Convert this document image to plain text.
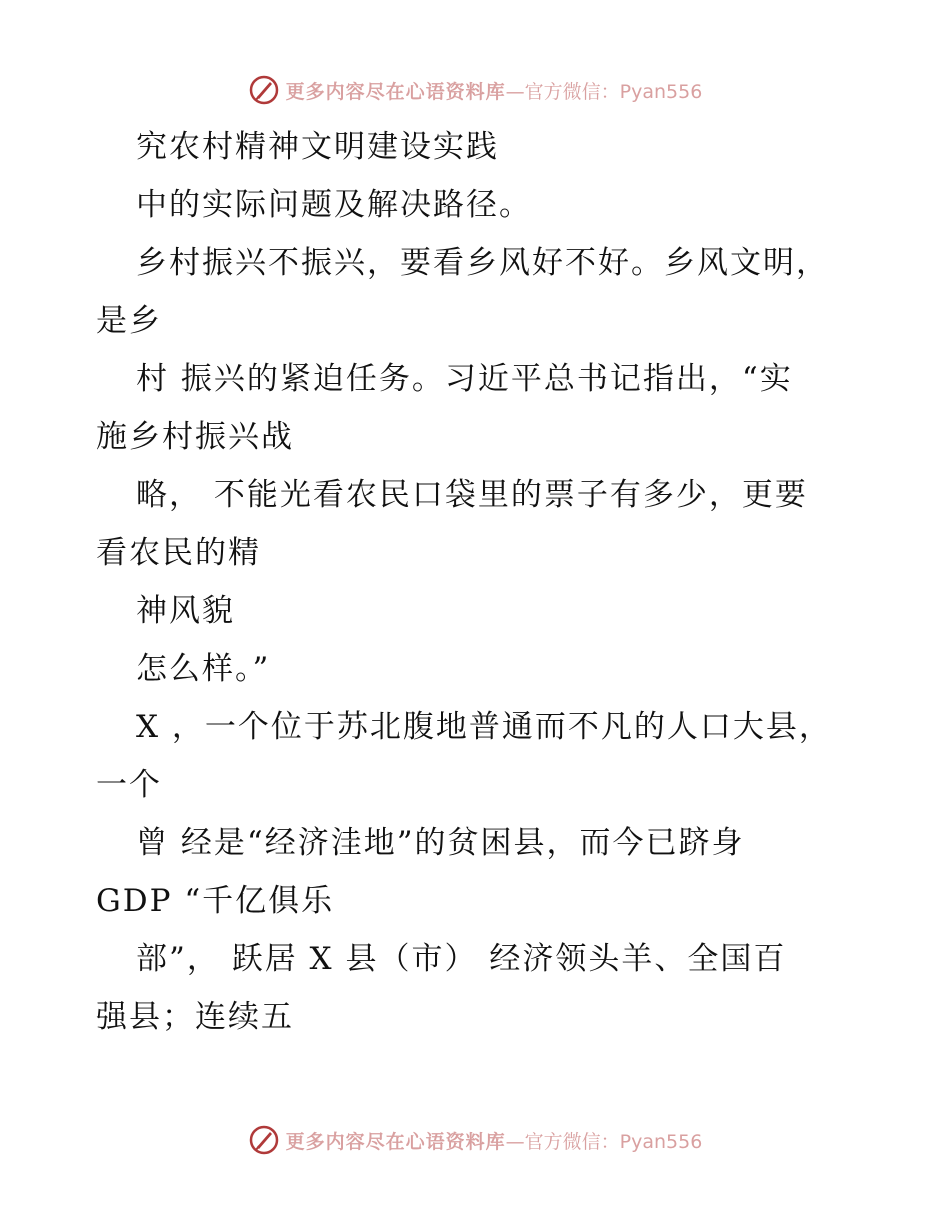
更多内容尽在心语资料库 —官方微信：Pyan556
究农村精神文明建设实践
中的实际问题及解决路径。
乡村振兴不振兴，要看乡风好不好。乡风文明，
是乡
村 振兴的紧迫任务。习近平总书记指出，“实
施乡村振兴战
略， 不能光看农民口袋里的票子有多少，更要
看农民的精
神风貌
怎么样。”
X ，一个位于苏北腹地普通而不凡的人口大县，
一个
曾 经是“经济洼地”的贫困县，而今已跻身
GDP “千亿俱乐
部”， 跃居 X 县（市） 经济领头羊、全国百
强县；连续五
更多内容尽在心语资料库 —官方微信：Pyan556
